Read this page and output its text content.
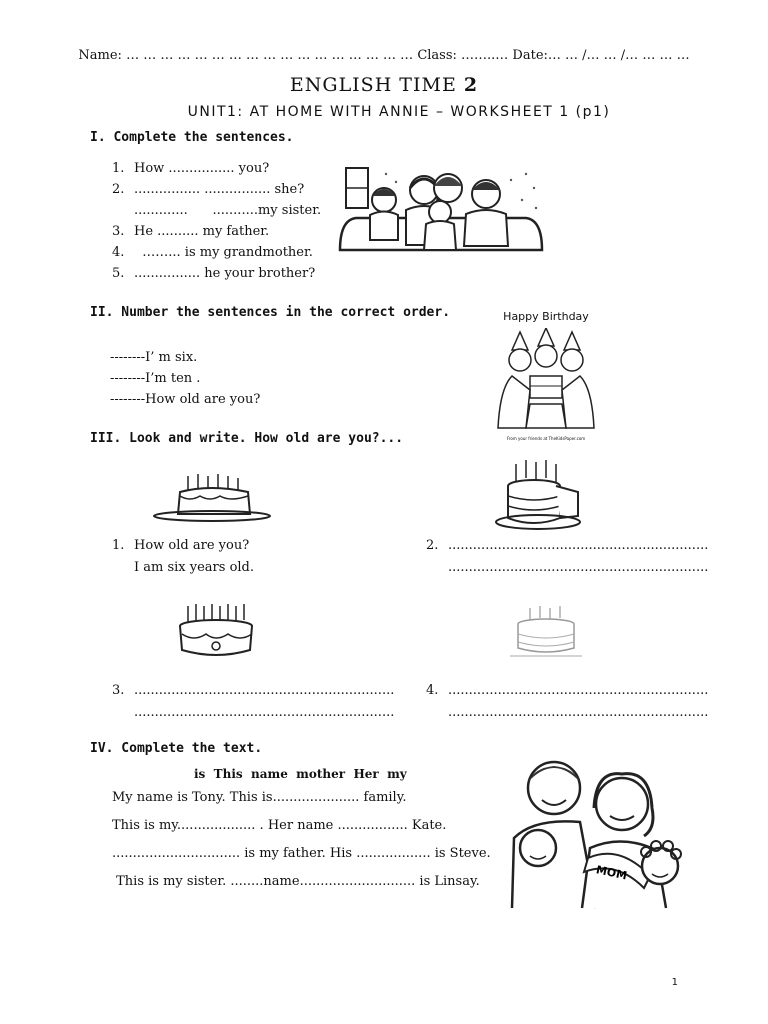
Name: … … … … … … … … … … … … … … … … … Class: ……..… Date:… … /… … /… … … …
ENGLISH TIME 2
UNIT1: AT HOME WITH ANNIE – WORKSHEET 1 (p1)
I. Complete the sentences.
1. How ................ you?
2. ................ ................ she?
.............      ...........my sister.
3. He .......... my father.
4.  ……... is my grandmother.
5. ................ he your brother?
II. Number the sentences in the correct order.
--------I’ m six.
--------I’m ten .
--------How old are you?
Happy Birthday
From your friends at TheKidsPaper.com
III. Look and write. How old are you?...
1. How old are you?
I am six years old.
2. ...............................................................
...............................................................
3. ...............................................................
...............................................................
4. ...............................................................
...............................................................
IV. Complete the text.
is  This  name  mother  Her  my
My name is Tony. This is..................... family.
This is my................... . Her name ................. Kate.
............................... is my father. His .................. is Steve.
This is my sister. ........name............................ is Linsay.	MOM
1
